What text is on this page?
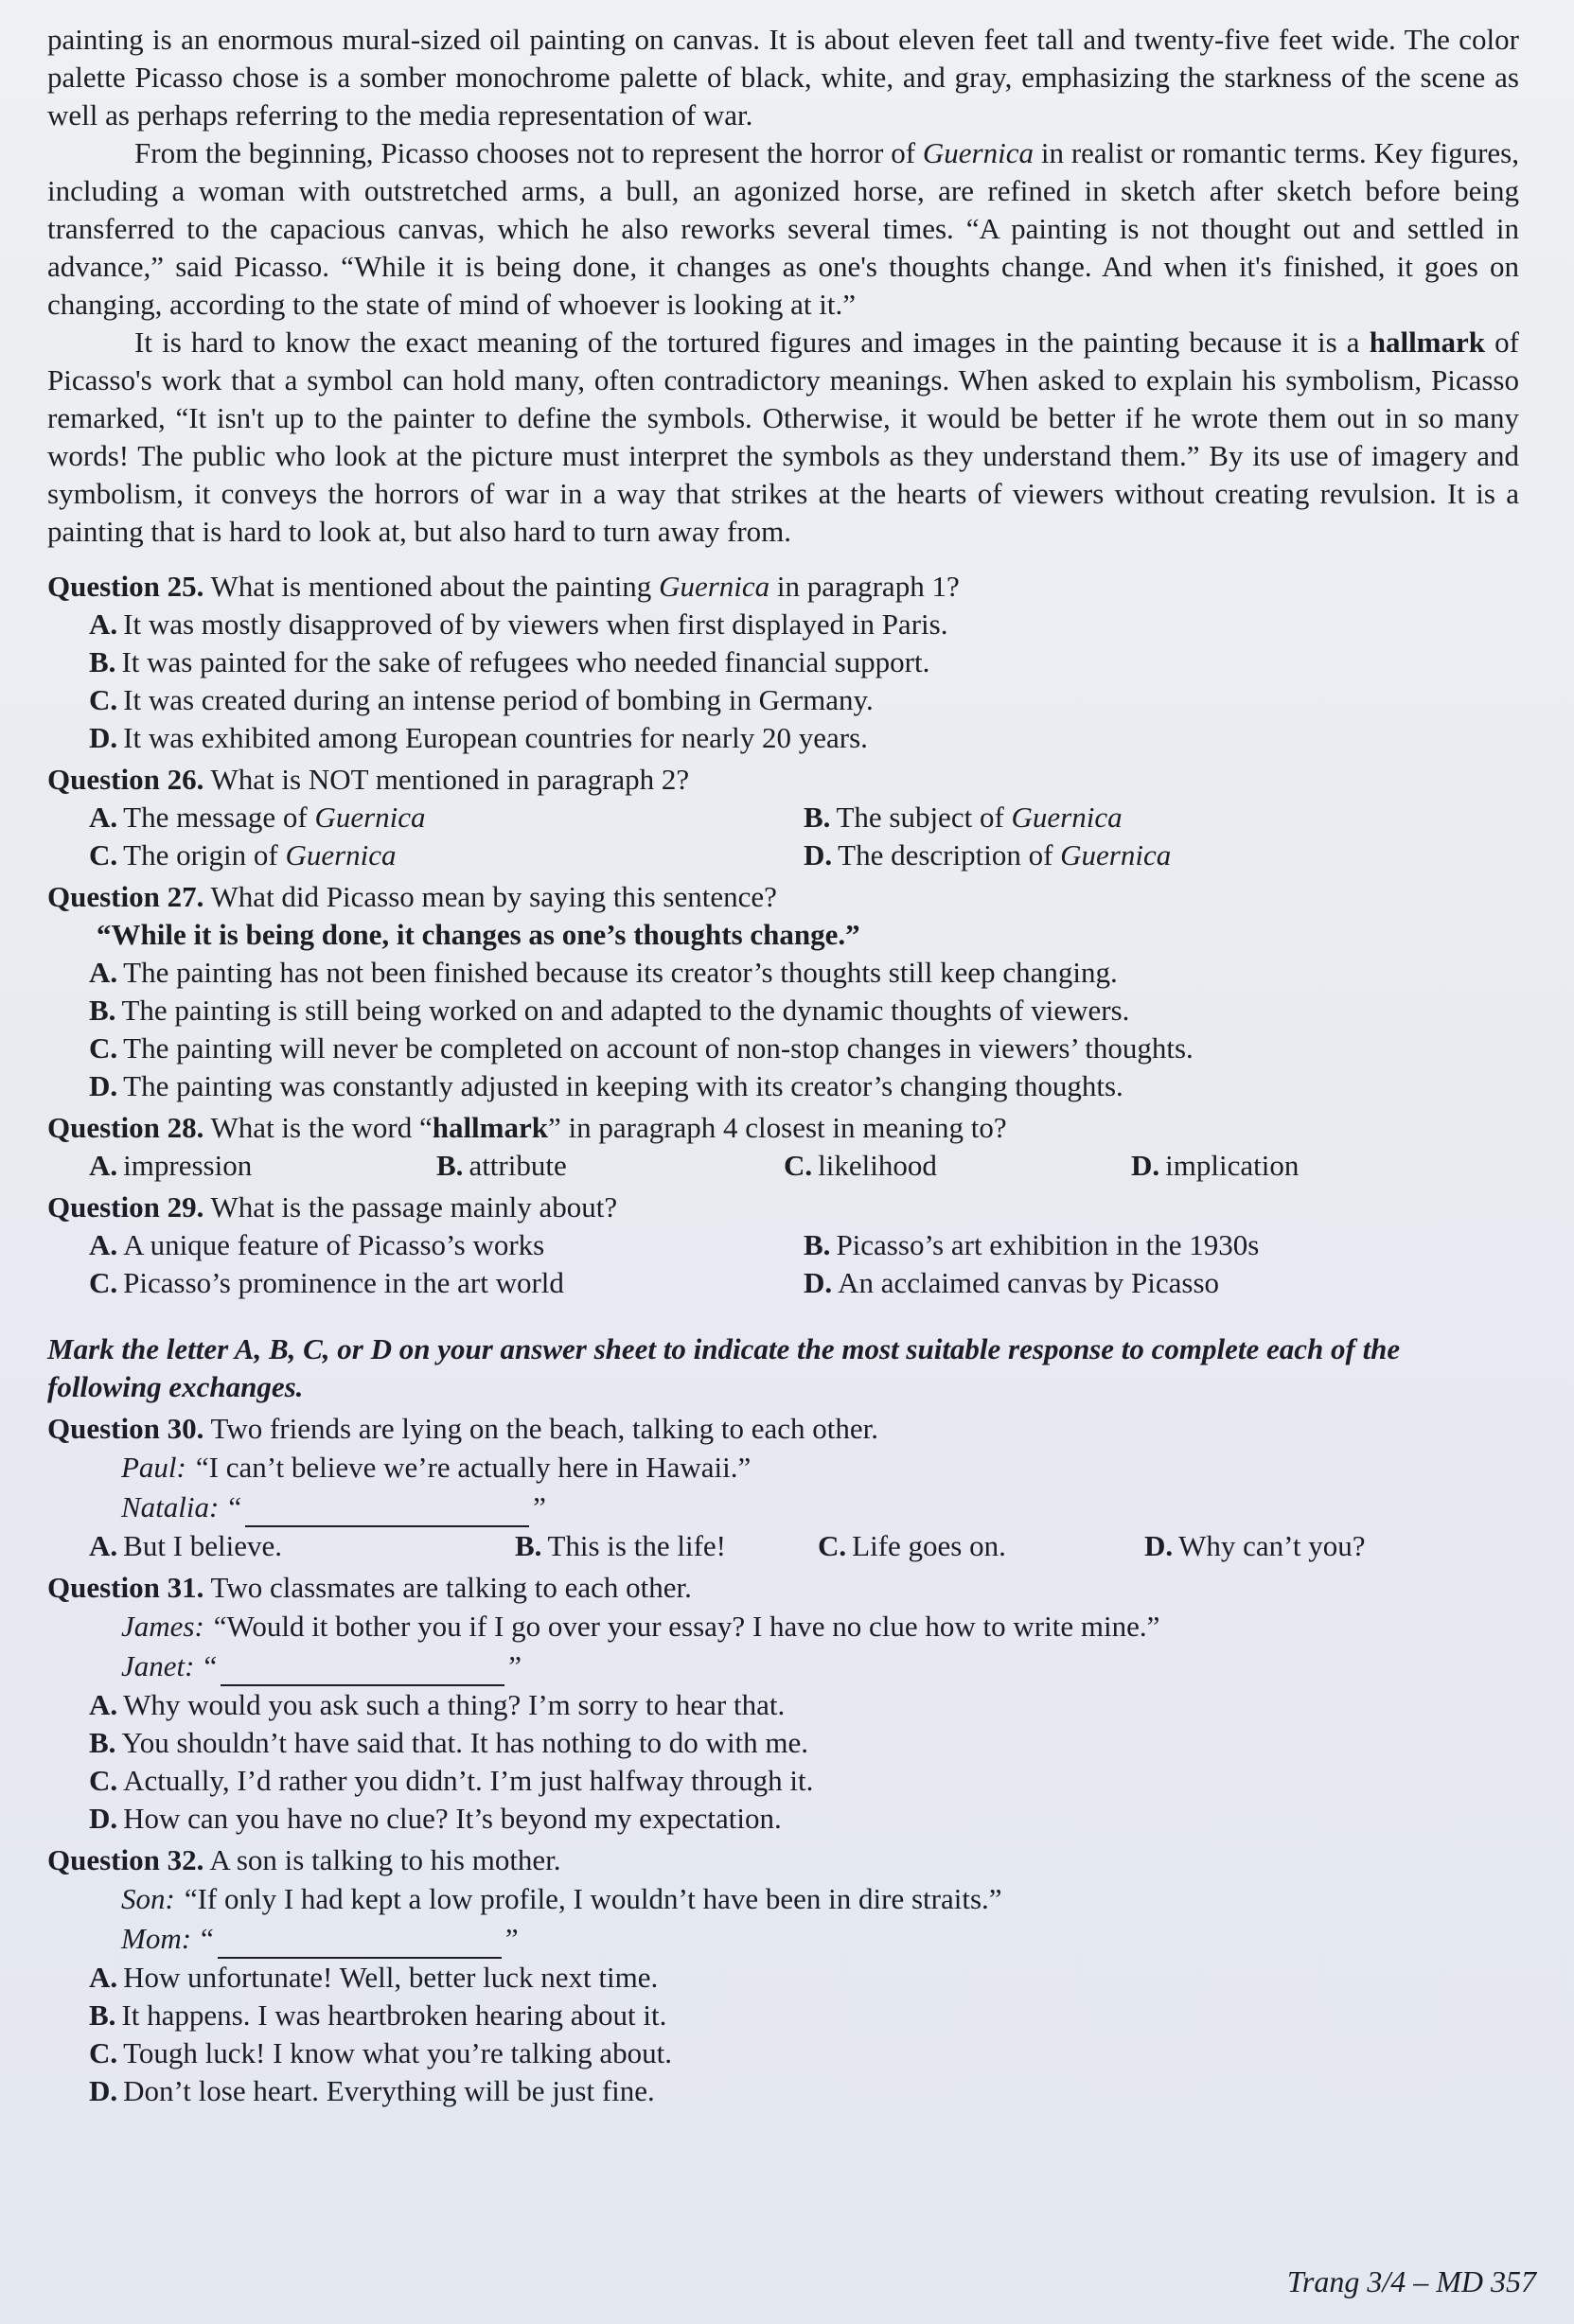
painting is an enormous mural-sized oil painting on canvas. It is about eleven feet tall and twenty-five feet wide. The color palette Picasso chose is a somber monochrome palette of black, white, and gray, emphasizing the starkness of the scene as well as perhaps referring to the media representation of war.

From the beginning, Picasso chooses not to represent the horror of Guernica in realist or romantic terms. Key figures, including a woman with outstretched arms, a bull, an agonized horse, are refined in sketch after sketch before being transferred to the capacious canvas, which he also reworks several times. “A painting is not thought out and settled in advance,” said Picasso. “While it is being done, it changes as one's thoughts change. And when it's finished, it goes on changing, according to the state of mind of whoever is looking at it.”

It is hard to know the exact meaning of the tortured figures and images in the painting because it is a hallmark of Picasso's work that a symbol can hold many, often contradictory meanings. When asked to explain his symbolism, Picasso remarked, “It isn't up to the painter to define the symbols. Otherwise, it would be better if he wrote them out in so many words! The public who look at the picture must interpret the symbols as they understand them.” By its use of imagery and symbolism, it conveys the horrors of war in a way that strikes at the hearts of viewers without creating revulsion. It is a painting that is hard to look at, but also hard to turn away from.

Question 25. What is mentioned about the painting Guernica in paragraph 1?
A. It was mostly disapproved of by viewers when first displayed in Paris.
B. It was painted for the sake of refugees who needed financial support.
C. It was created during an intense period of bombing in Germany.
D. It was exhibited among European countries for nearly 20 years.
Question 26. What is NOT mentioned in paragraph 2?
A. The message of Guernica	B. The subject of Guernica
C. The origin of Guernica	D. The description of Guernica
Question 27. What did Picasso mean by saying this sentence?
“While it is being done, it changes as one’s thoughts change.”
A. The painting has not been finished because its creator’s thoughts still keep changing.
B. The painting is still being worked on and adapted to the dynamic thoughts of viewers.
C. The painting will never be completed on account of non-stop changes in viewers’ thoughts.
D. The painting was constantly adjusted in keeping with its creator’s changing thoughts.
Question 28. What is the word “hallmark” in paragraph 4 closest in meaning to?
A. impression	B. attribute	C. likelihood	D. implication
Question 29. What is the passage mainly about?
A. A unique feature of Picasso’s works	B. Picasso’s art exhibition in the 1930s
C. Picasso’s prominence in the art world	D. An acclaimed canvas by Picasso
Mark the letter A, B, C, or D on your answer sheet to indicate the most suitable response to complete each of the following exchanges.
Question 30. Two friends are lying on the beach, talking to each other.
Paul: “I can’t believe we’re actually here in Hawaii.”
Natalia: “	”
A. But I believe.	B. This is the life!	C. Life goes on.	D. Why can’t you?
Question 31. Two classmates are talking to each other.
James: “Would it bother you if I go over your essay? I have no clue how to write mine.”
Janet: “	”
A. Why would you ask such a thing? I’m sorry to hear that.
B. You shouldn’t have said that. It has nothing to do with me.
C. Actually, I’d rather you didn’t. I’m just halfway through it.
D. How can you have no clue? It’s beyond my expectation.
Question 32. A son is talking to his mother.
Son: “If only I had kept a low profile, I wouldn’t have been in dire straits.”
Mom: “	”
A. How unfortunate! Well, better luck next time.
B. It happens. I was heartbroken hearing about it.
C. Tough luck! I know what you’re talking about.
D. Don’t lose heart. Everything will be just fine.
Trang 3/4 – MD 357
